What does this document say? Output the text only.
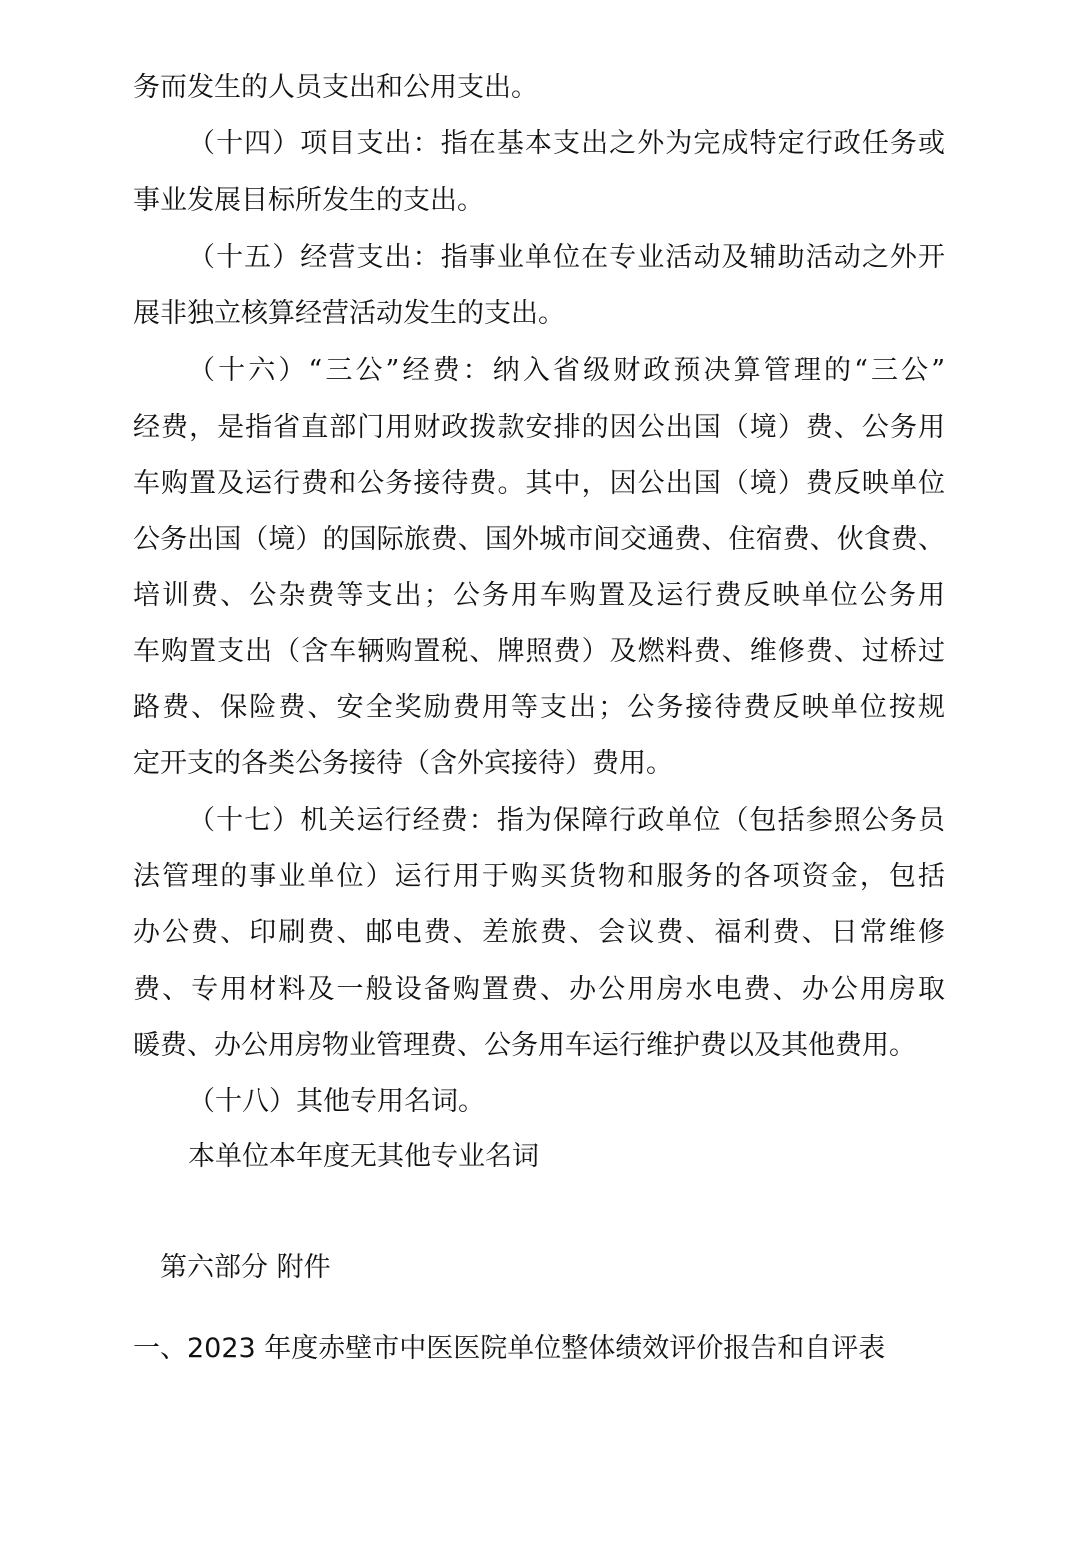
务而发生的人员支出和公用支出。
（十四）项目支出：指在基本支出之外为完成特定行政任务或
事业发展目标所发生的支出。
（十五）经营支出：指事业单位在专业活动及辅助活动之外开
展非独立核算经营活动发生的支出。
（十六）“三公”经费：纳入省级财政预决算管理的“三公”
经费，是指省直部门用财政拨款安排的因公出国（境）费、公务用
车购置及运行费和公务接待费。其中，因公出国（境）费反映单位
公务出国（境）的国际旅费、国外城市间交通费、住宿费、伙食费、
培训费、公杂费等支出；公务用车购置及运行费反映单位公务用
车购置支出（含车辆购置税、牌照费）及燃料费、维修费、过桥过
路费、保险费、安全奖励费用等支出；公务接待费反映单位按规
定开支的各类公务接待（含外宾接待）费用。
（十七）机关运行经费：指为保障行政单位（包括参照公务员
法管理的事业单位）运行用于购买货物和服务的各项资金，包括
办公费、印刷费、邮电费、差旅费、会议费、福利费、日常维修
费、专用材料及一般设备购置费、办公用房水电费、办公用房取
暖费、办公用房物业管理费、公务用车运行维护费以及其他费用。
（十八）其他专用名词。
本单位本年度无其他专业名词
第六部分 附件
一、2023 年度赤壁市中医医院单位整体绩效评价报告和自评表
